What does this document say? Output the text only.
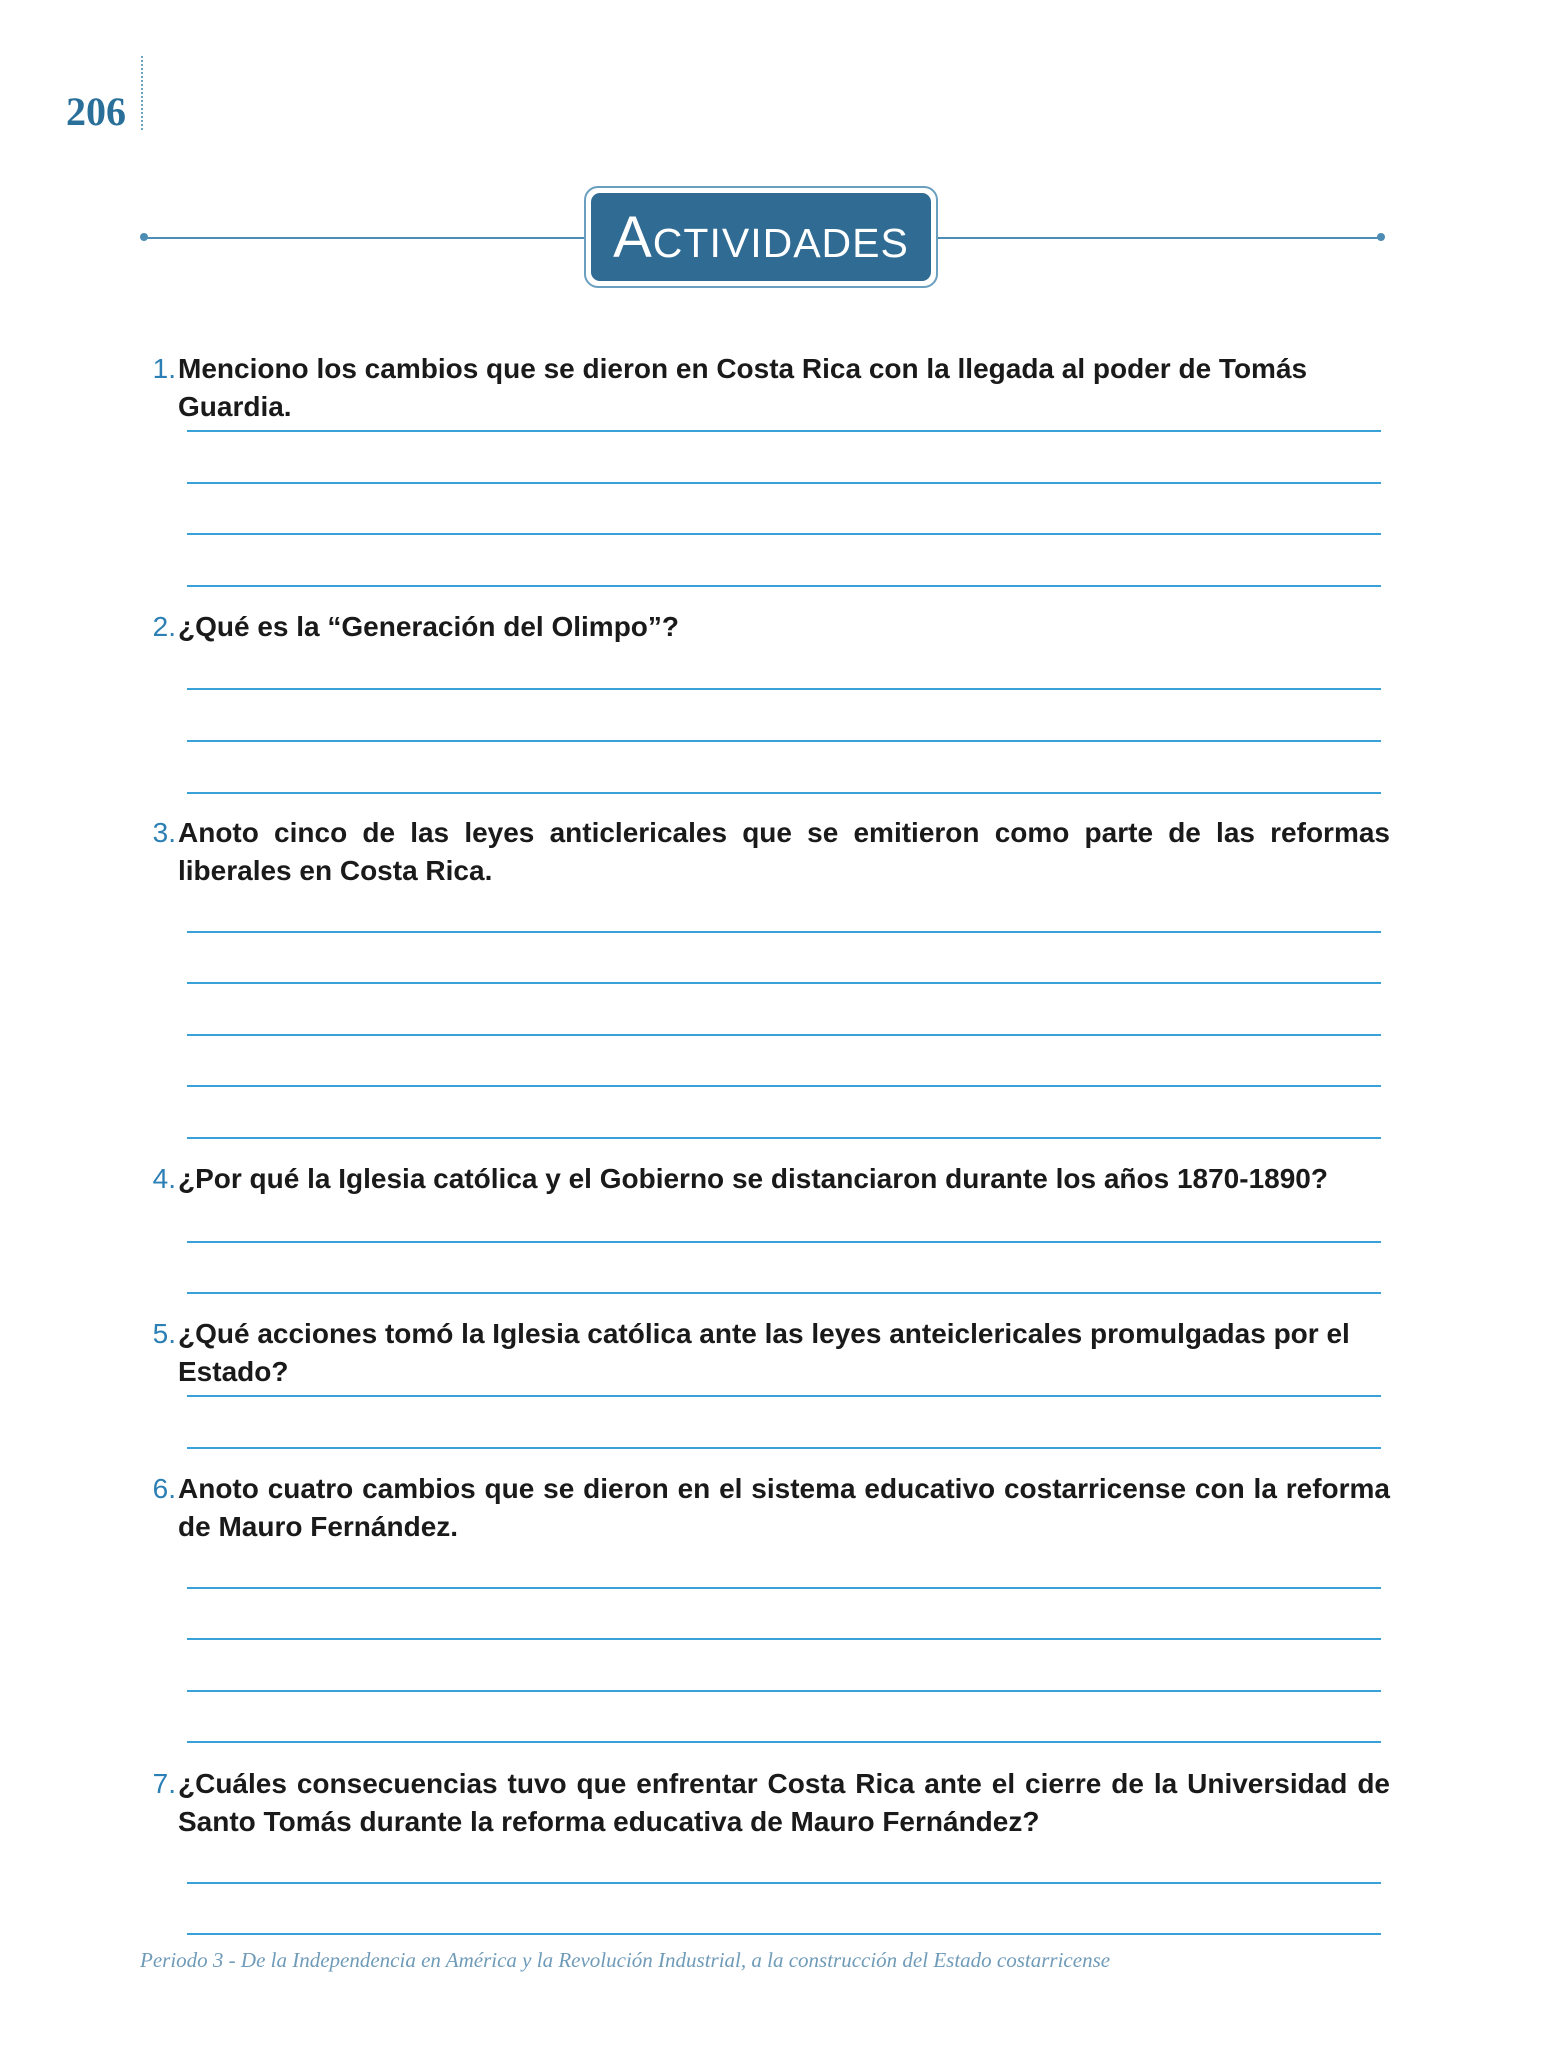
206
Actividades
1. Menciono los cambios que se dieron en Costa Rica con la llegada al poder de Tomás Guardia.
2. ¿Qué es la “Generación del Olimpo”?
3. Anoto cinco de las leyes anticlericales que se emitieron como parte de las reformas liberales en Costa Rica.
4. ¿Por qué la Iglesia católica y el Gobierno se distanciaron durante los años 1870-1890?
5. ¿Qué acciones tomó la Iglesia católica ante las leyes anteiclericales promulgadas por el Estado?
6. Anoto cuatro cambios que se dieron en el sistema educativo costarricense con la reforma de Mauro Fernández.
7. ¿Cuáles consecuencias tuvo que enfrentar Costa Rica ante el cierre de la Universidad de Santo Tomás durante la reforma educativa de Mauro Fernández?
Periodo 3 - De la Independencia en América y la Revolución Industrial, a la construcción del Estado costarricense
